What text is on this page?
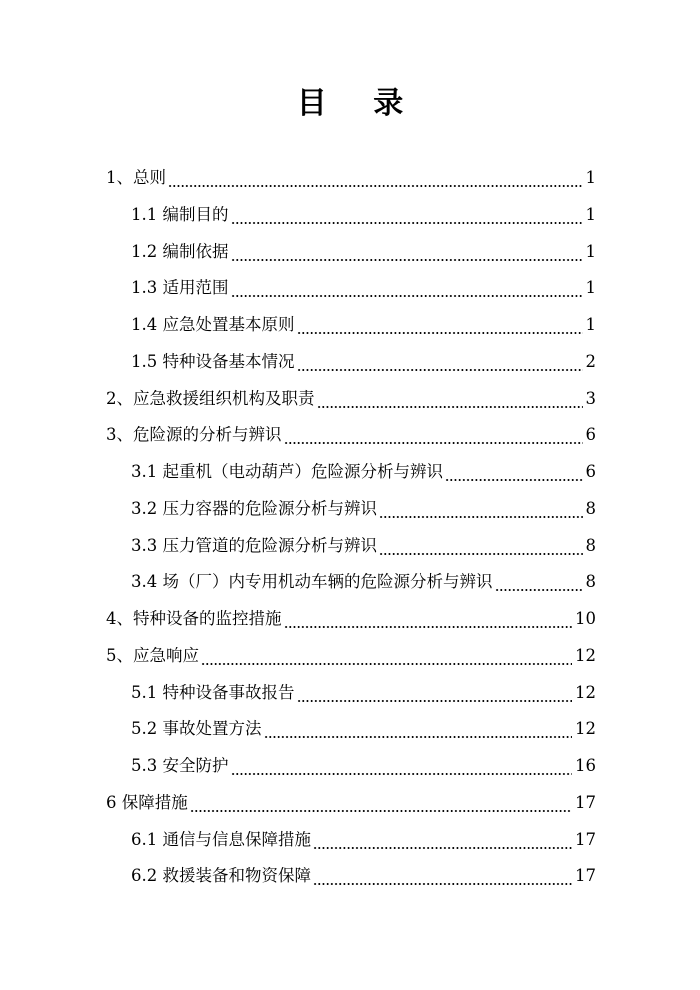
目 录
1、总则	1
1.1 编制目的	1
1.2 编制依据	1
1.3 适用范围	1
1.4 应急处置基本原则	1
1.5 特种设备基本情况	2
2、应急救援组织机构及职责	3
3、危险源的分析与辨识	6
3.1 起重机（电动葫芦）危险源分析与辨识	6
3.2 压力容器的危险源分析与辨识	8
3.3 压力管道的危险源分析与辨识	8
3.4 场（厂）内专用机动车辆的危险源分析与辨识	8
4、特种设备的监控措施	10
5、应急响应	12
5.1 特种设备事故报告	12
5.2 事故处置方法	12
5.3 安全防护	16
6 保障措施	17
6.1 通信与信息保障措施	17
6.2 救援装备和物资保障	17
